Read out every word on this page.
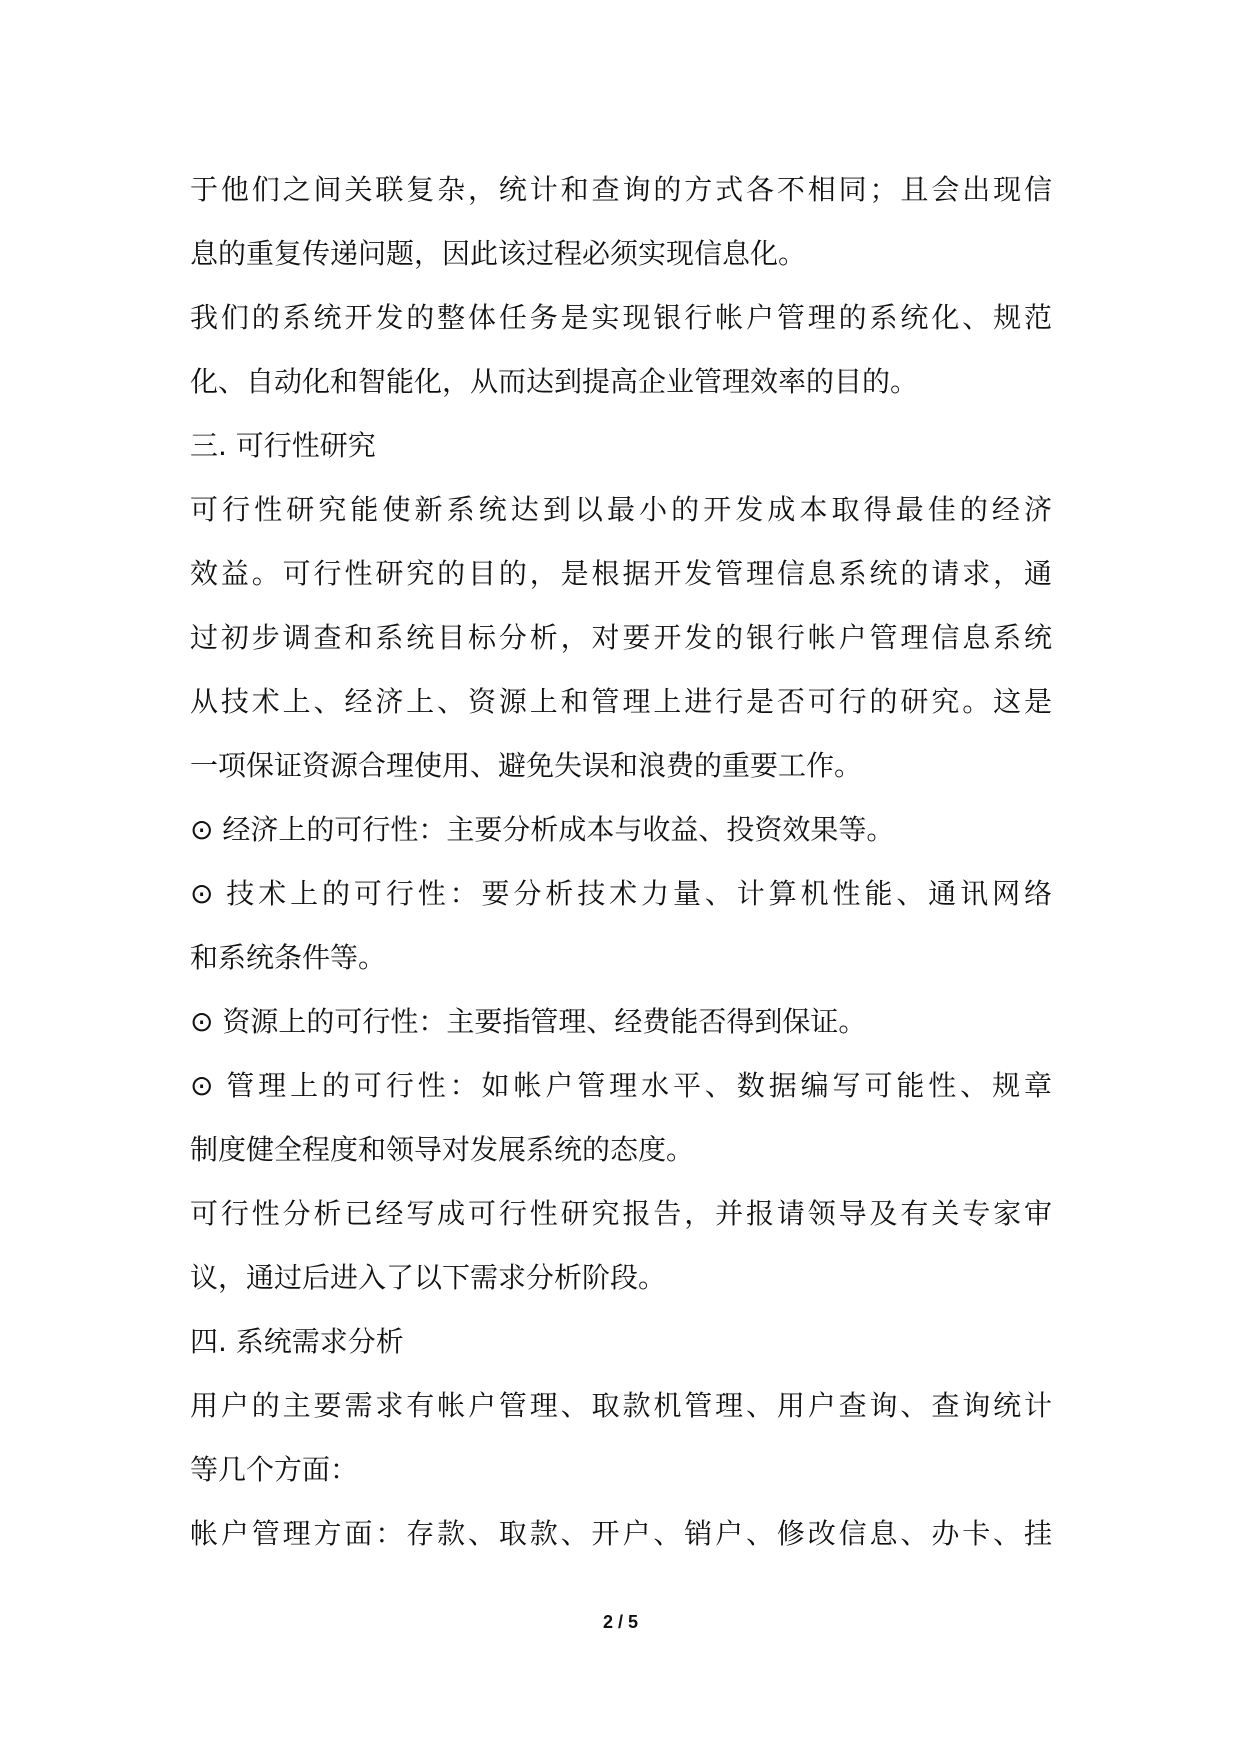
于他们之间关联复杂，统计和查询的方式各不相同；且会出现信
息的重复传递问题，因此该过程必须实现信息化。
我们的系统开发的整体任务是实现银行帐户管理的系统化、规范
化、自动化和智能化，从而达到提高企业管理效率的目的。
三. 可行性研究
可行性研究能使新系统达到以最小的开发成本取得最佳的经济
效益。可行性研究的目的，是根据开发管理信息系统的请求，通
过初步调查和系统目标分析，对要开发的银行帐户管理信息系统
从技术上、经济上、资源上和管理上进行是否可行的研究。这是
一项保证资源合理使用、避免失误和浪费的重要工作。
⊙ 经济上的可行性：主要分析成本与收益、投资效果等。
⊙ 技术上的可行性：要分析技术力量、计算机性能、通讯网络
和系统条件等。
⊙ 资源上的可行性：主要指管理、经费能否得到保证。
⊙ 管理上的可行性：如帐户管理水平、数据编写可能性、规章
制度健全程度和领导对发展系统的态度。
可行性分析已经写成可行性研究报告，并报请领导及有关专家审
议，通过后进入了以下需求分析阶段。
四. 系统需求分析
用户的主要需求有帐户管理、取款机管理、用户查询、查询统计
等几个方面：
帐户管理方面：存款、取款、开户、销户、修改信息、办卡、挂
2 / 5
